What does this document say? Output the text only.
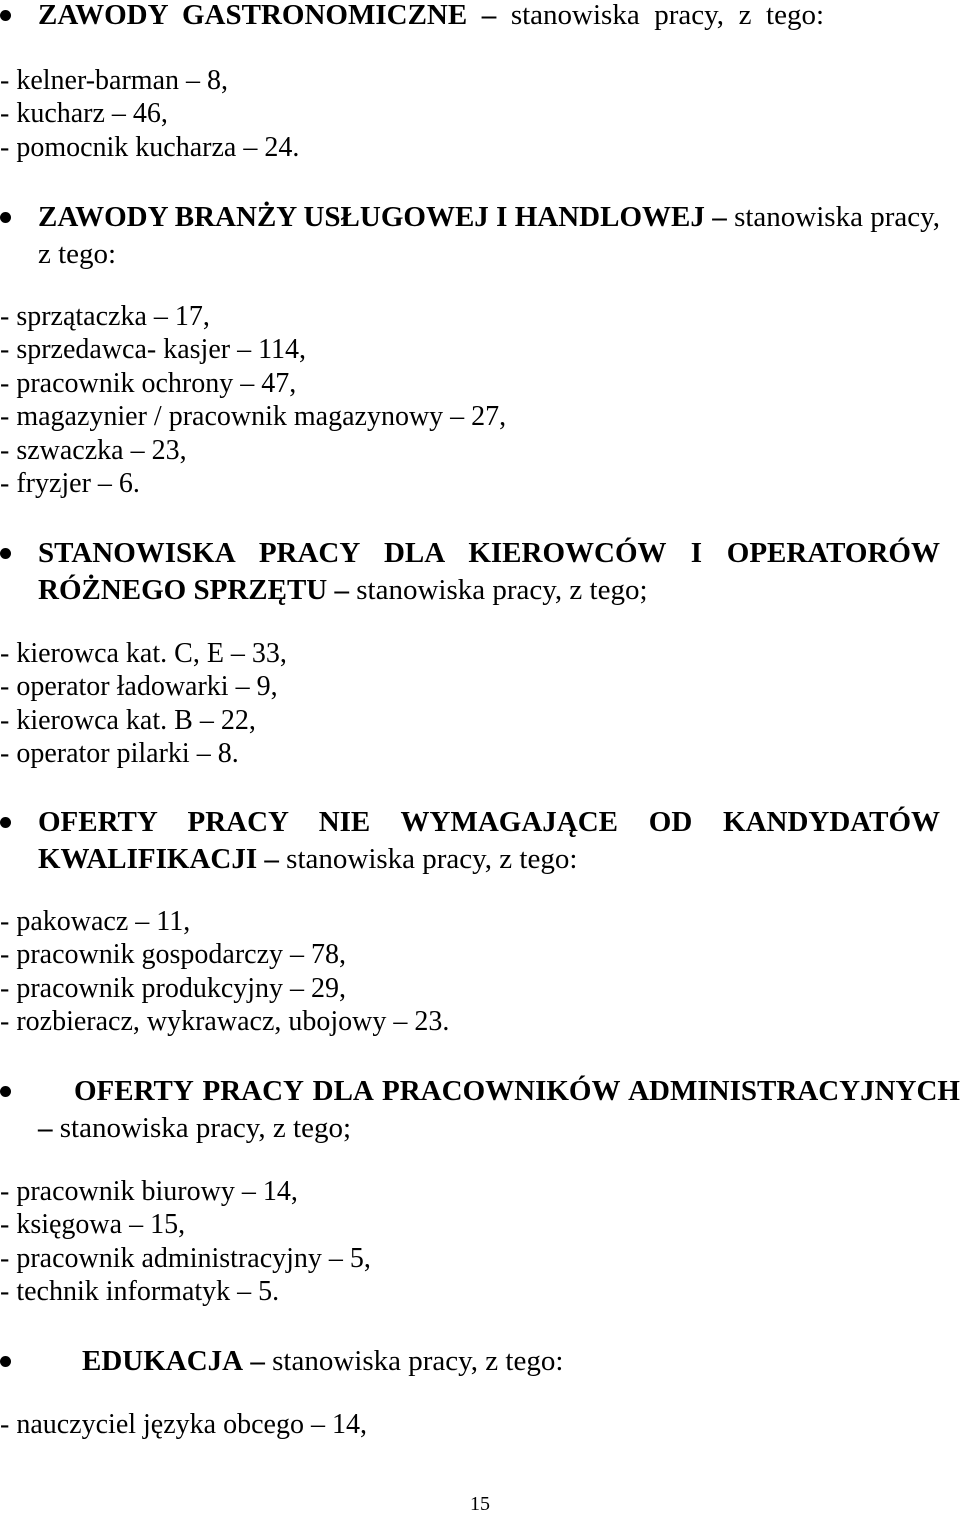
ZAWODY GASTRONOMICZNE – stanowiska pracy, z tego:
- kelner-barman – 8,
- kucharz – 46,
- pomocnik kucharza – 24.
ZAWODY BRANŻY USŁUGOWEJ I HANDLOWEJ – stanowiska pracy, z tego:
- sprzątaczka – 17,
- sprzedawca- kasjer – 114,
- pracownik ochrony – 47,
- magazynier / pracownik magazynowy – 27,
- szwaczka – 23,
- fryzjer – 6.
STANOWISKA PRACY DLA KIEROWCÓW I OPERATORÓW RÓŻNEGO SPRZĘTU – stanowiska pracy, z tego;
- kierowca kat. C, E – 33,
- operator ładowarki – 9,
- kierowca kat. B – 22,
- operator pilarki – 8.
OFERTY PRACY NIE WYMAGAJĄCE OD KANDYDATÓW KWALIFIKACJI – stanowiska pracy, z tego:
- pakowacz – 11,
- pracownik gospodarczy – 78,
- pracownik produkcyjny – 29,
- rozbieracz, wykrawacz, ubojowy – 23.
OFERTY PRACY DLA PRACOWNIKÓW ADMINISTRACYJNYCH – stanowiska pracy, z tego;
- pracownik biurowy – 14,
- księgowa – 15,
- pracownik administracyjny – 5,
- technik informatyk – 5.
EDUKACJA – stanowiska pracy, z tego:
- nauczyciel języka obcego – 14,
15
